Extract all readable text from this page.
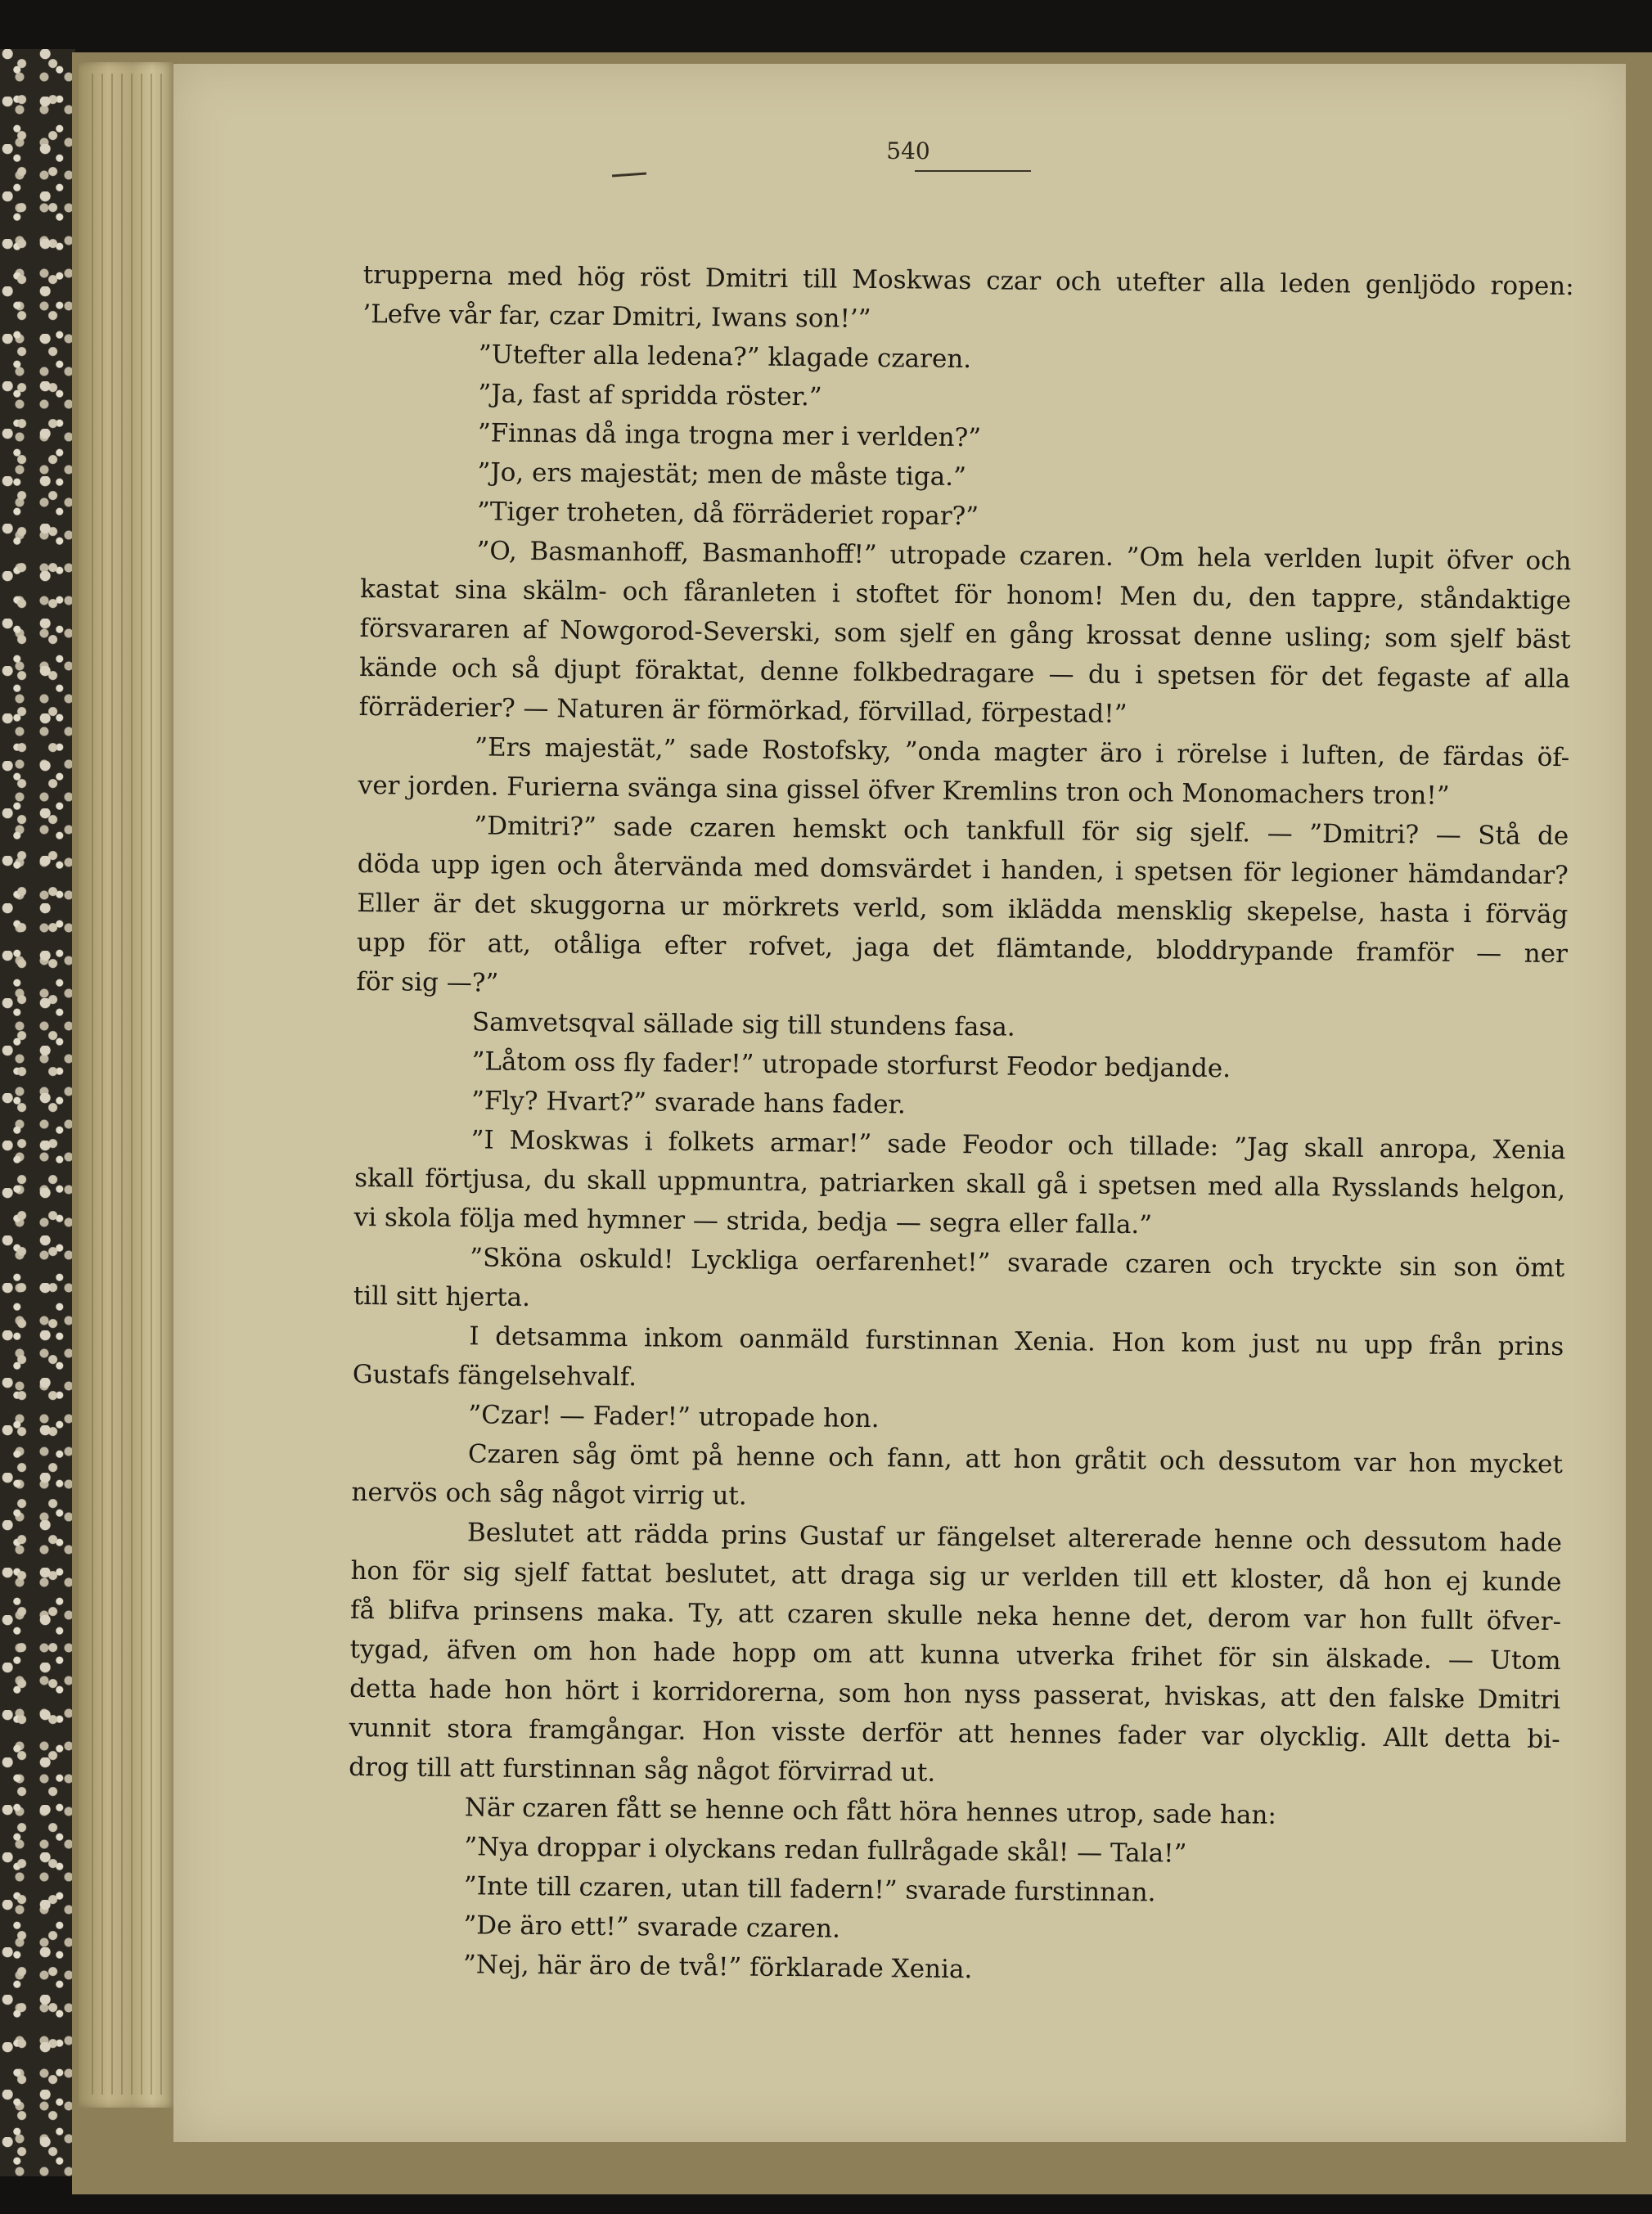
540
trupperna med hög röst Dmitri till Moskwas czar och utefter alla leden genljödo ropen:
’Lefve vår far, czar Dmitri, Iwans son!’”
”Utefter alla ledena?” klagade czaren.
”Ja, fast af spridda röster.”
”Finnas då inga trogna mer i verlden?”
”Jo, ers majestät; men de måste tiga.”
”Tiger troheten, då förräderiet ropar?”
”O, Basmanhoff, Basmanhoff!” utropade czaren. ”Om hela verlden lupit öfver och
kastat sina skälm- och fåranleten i stoftet för honom! Men du, den tappre, ståndaktige
försvararen af Nowgorod-Severski, som sjelf en gång krossat denne usling; som sjelf bäst
kände och så djupt föraktat, denne folkbedragare — du i spetsen för det fegaste af alla
förräderier? — Naturen är förmörkad, förvillad, förpestad!”
”Ers majestät,” sade Rostofsky, ”onda magter äro i rörelse i luften, de färdas öf-
ver jorden. Furierna svänga sina gissel öfver Kremlins tron och Monomachers tron!”
”Dmitri?” sade czaren hemskt och tankfull för sig sjelf. — ”Dmitri? — Stå de
döda upp igen och återvända med domsvärdet i handen, i spetsen för legioner hämdandar?
Eller är det skuggorna ur mörkrets verld, som iklädda mensklig skepelse, hasta i förväg
upp för att, otåliga efter rofvet, jaga det flämtande, bloddrypande framför — ner
för sig —?”
Samvetsqval sällade sig till stundens fasa.
”Låtom oss fly fader!” utropade storfurst Feodor bedjande.
”Fly? Hvart?” svarade hans fader.
”I Moskwas i folkets armar!” sade Feodor och tillade: ”Jag skall anropa, Xenia
skall förtjusa, du skall uppmuntra, patriarken skall gå i spetsen med alla Rysslands helgon,
vi skola följa med hymner — strida, bedja — segra eller falla.”
”Sköna oskuld! Lyckliga oerfarenhet!” svarade czaren och tryckte sin son ömt
till sitt hjerta.
I detsamma inkom oanmäld furstinnan Xenia. Hon kom just nu upp från prins
Gustafs fängelsehvalf.
”Czar! — Fader!” utropade hon.
Czaren såg ömt på henne och fann, att hon gråtit och dessutom var hon mycket
nervös och såg något virrig ut.
Beslutet att rädda prins Gustaf ur fängelset altererade henne och dessutom hade
hon för sig sjelf fattat beslutet, att draga sig ur verlden till ett kloster, då hon ej kunde
få blifva prinsens maka. Ty, att czaren skulle neka henne det, derom var hon fullt öfver-
tygad, äfven om hon hade hopp om att kunna utverka frihet för sin älskade. — Utom
detta hade hon hört i korridorerna, som hon nyss passerat, hviskas, att den falske Dmitri
vunnit stora framgångar. Hon visste derför att hennes fader var olycklig. Allt detta bi-
drog till att furstinnan såg något förvirrad ut.
När czaren fått se henne och fått höra hennes utrop, sade han:
”Nya droppar i olyckans redan fullrågade skål! — Tala!”
”Inte till czaren, utan till fadern!” svarade furstinnan.
”De äro ett!” svarade czaren.
”Nej, här äro de två!” förklarade Xenia.
